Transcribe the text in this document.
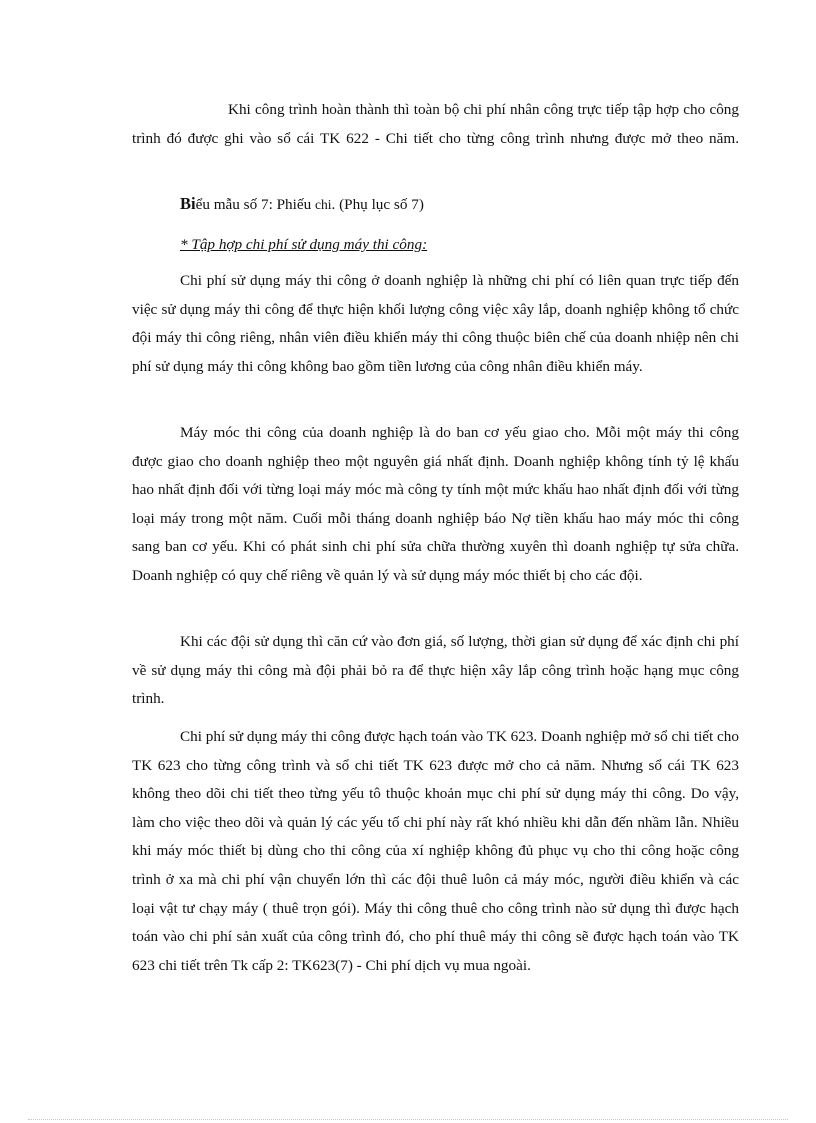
Khi công trình hoàn thành thì toàn bộ chi phí nhân công trực tiếp tập hợp cho công trình đó được ghi vào sổ cái TK 622 - Chi tiết cho từng công trình nhưng được mở theo năm.

Biểu mẫu số 7: Phiếu chi. (Phụ lục số 7)
* Tập hợp chi phí sử dụng máy thi công:

Chi phí sử dụng máy thi công ở doanh nghiệp là những chi phí có liên quan trực tiếp đến việc sử dụng máy thi công để thực hiện khối lượng công việc xây lắp, doanh nghiệp không tổ chức đội máy thi công riêng, nhân viên điều khiển máy thi công thuộc biên chế của doanh nhiệp nên chi phí sử dụng máy thi công không bao gồm tiền lương của công nhân điều khiển máy.

Máy móc thi công của doanh nghiệp là do ban cơ yếu giao cho. Mỗi một máy thi công được giao cho doanh nghiệp theo một nguyên giá nhất định. Doanh nghiệp không tính tỷ lệ khấu hao nhất định đối với từng loại máy móc mà công ty tính một mức khấu hao nhất định đối với từng loại máy trong một năm. Cuối mỗi tháng doanh nghiệp báo Nợ tiền khấu hao máy móc thi công sang ban cơ yếu. Khi có phát sinh chi phí sửa chữa thường xuyên thì doanh nghiệp tự sửa chữa. Doanh nghiệp có quy chế riêng về quản lý và sử dụng máy móc thiết bị cho các đội.

Khi các đội sử dụng thì căn cứ vào đơn giá, số lượng, thời gian sử dụng để xác định chi phí về sử dụng máy thi công mà đội phải bỏ ra để thực hiện xây lắp công trình hoặc hạng mục công trình.

Chi phí sử dụng máy thi công được hạch toán vào TK 623. Doanh nghiệp mở sổ chi tiết cho TK 623 cho từng công trình và sổ chi tiết TK 623 được mở cho cả năm. Nhưng sổ cái TK 623 không theo dõi chi tiết theo từng yếu tô thuộc khoản mục chi phí sử dụng máy thi công. Do vậy, làm cho việc theo dõi và quản lý các yếu tố chi phí này rất khó nhiều khi dẫn đến nhầm lẫn. Nhiều khi máy móc thiết bị dùng cho thi công của xí nghiệp không đủ phục vụ cho thi công hoặc công trình ở xa mà chi phí vận chuyển lớn thì các đội thuê luôn cả máy móc, người điều khiển và các loại vật tư chạy máy ( thuê trọn gói). Máy thi công thuê cho công trình nào sử dụng thì được hạch toán vào chi phí sản xuất của công trình đó, cho phí thuê máy thi công sẽ được hạch toán vào TK 623 chi tiết trên Tk cấp 2: TK623(7) - Chi phí dịch vụ mua ngoài.
